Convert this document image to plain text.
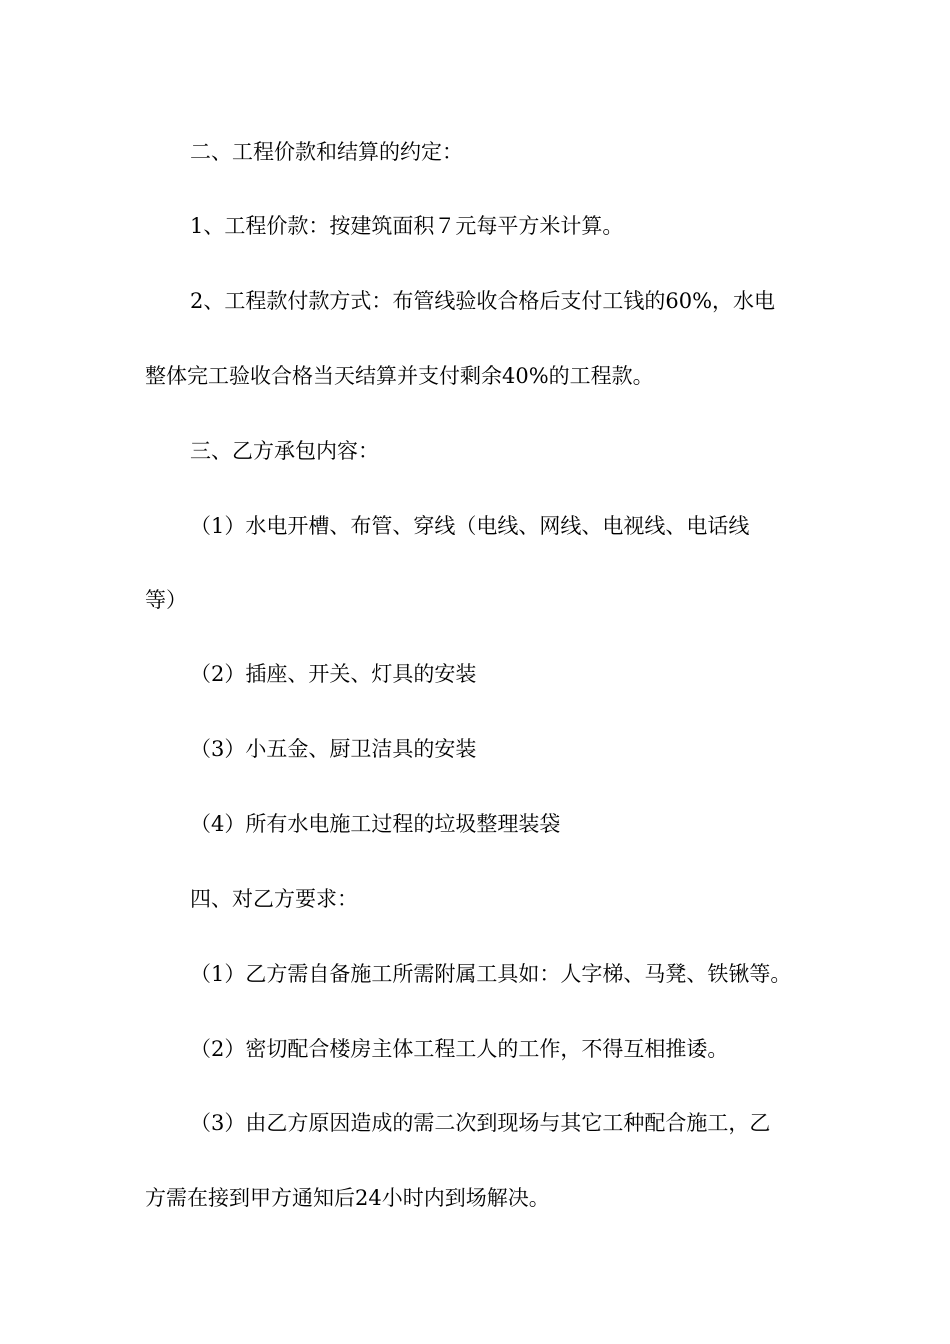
二、工程价款和结算的约定：
1、工程价款：按建筑面积７元每平方米计算。
2、工程款付款方式：布管线验收合格后支付工钱的60%，水电
整体完工验收合格当天结算并支付剩余40%的工程款。
三、乙方承包内容：
（1）水电开槽、布管、穿线（电线、网线、电视线、电话线
等）
（2）插座、开关、灯具的安装
（3）小五金、厨卫洁具的安装
（4）所有水电施工过程的垃圾整理装袋
四、对乙方要求：
（1）乙方需自备施工所需附属工具如：人字梯、马凳、铁锹等。
（2）密切配合楼房主体工程工人的工作，不得互相推诿。
（3）由乙方原因造成的需二次到现场与其它工种配合施工，乙
方需在接到甲方通知后24小时内到场解决。
